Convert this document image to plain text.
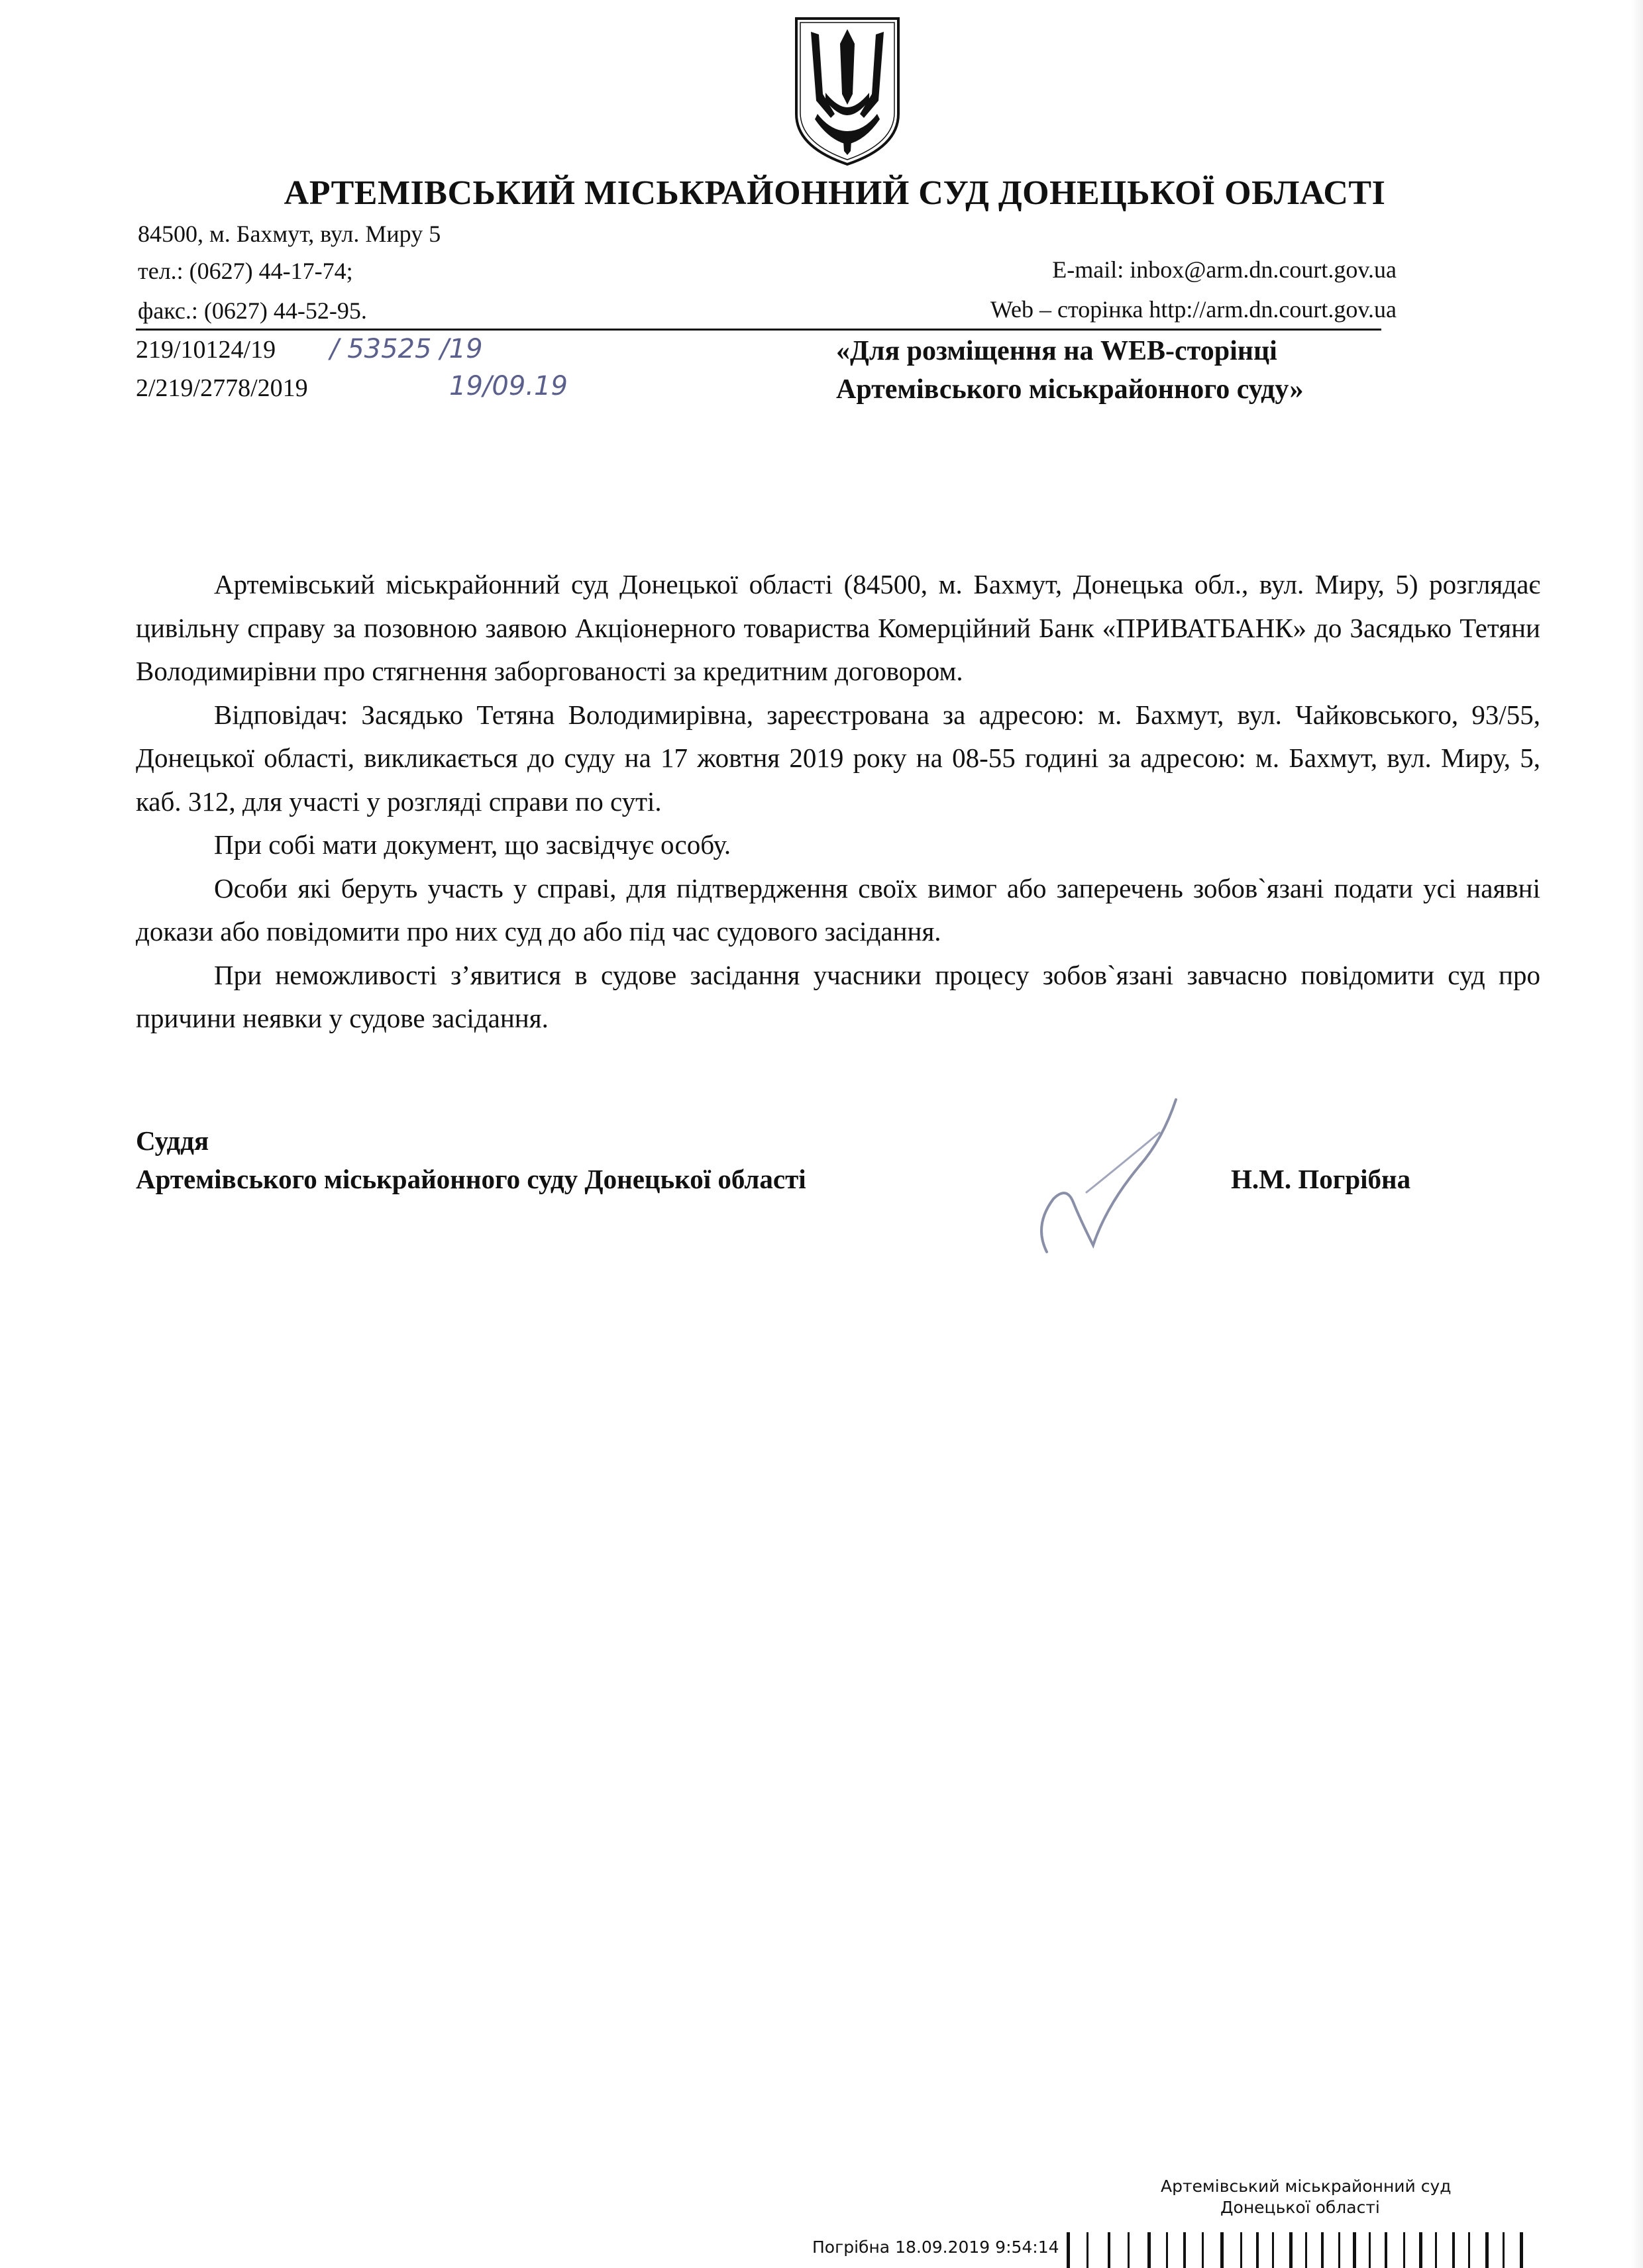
АРТЕМІВСЬКИЙ МІСЬКРАЙОННИЙ СУД ДОНЕЦЬКОЇ ОБЛАСТІ
84500, м. Бахмут, вул. Миру 5
тел.: (0627) 44-17-74;	E-mail: inbox@arm.dn.court.gov.ua
факс.: (0627) 44-52-95.	Web – сторінка http://arm.dn.court.gov.ua
219/10124/19
2/219/2778/2019
/ 53525 /19
19/09.19
«Для розміщення на WEB-сторінці
Артемівського міськрайонного суду»

Артемівський міськрайонний суд Донецької області (84500, м. Бахмут, Донецька обл., вул. Миру, 5) розглядає цивільну справу за позовною заявою Акціонерного товариства Комерційний Банк «ПРИВАТБАНК» до Засядько Тетяни Володимирівни про стягнення заборгованості за кредитним договором.

Відповідач: Засядько Тетяна Володимирівна, зареєстрована за адресою: м. Бахмут, вул. Чайковського, 93/55, Донецької області, викликається до суду на 17 жовтня 2019 року на 08-55 годині за адресою: м. Бахмут, вул. Миру, 5, каб. 312, для участі у розгляді справи по суті.

При собі мати документ, що засвідчує особу.

Особи які беруть участь у справі, для підтвердження своїх вимог або заперечень зобов`язані подати усі наявні докази або повідомити про них суд до або під час судового засідання.

При неможливості з’явитися в судове засідання учасники процесу зобов`язані завчасно повідомити суд про причини неявки у судове засідання.

Суддя
Артемівського міськрайонного суду Донецької області	Н.М. Погрібна
Артемівський міськрайонний суд
Донецької області
Погрібна 18.09.2019 9:54:14
